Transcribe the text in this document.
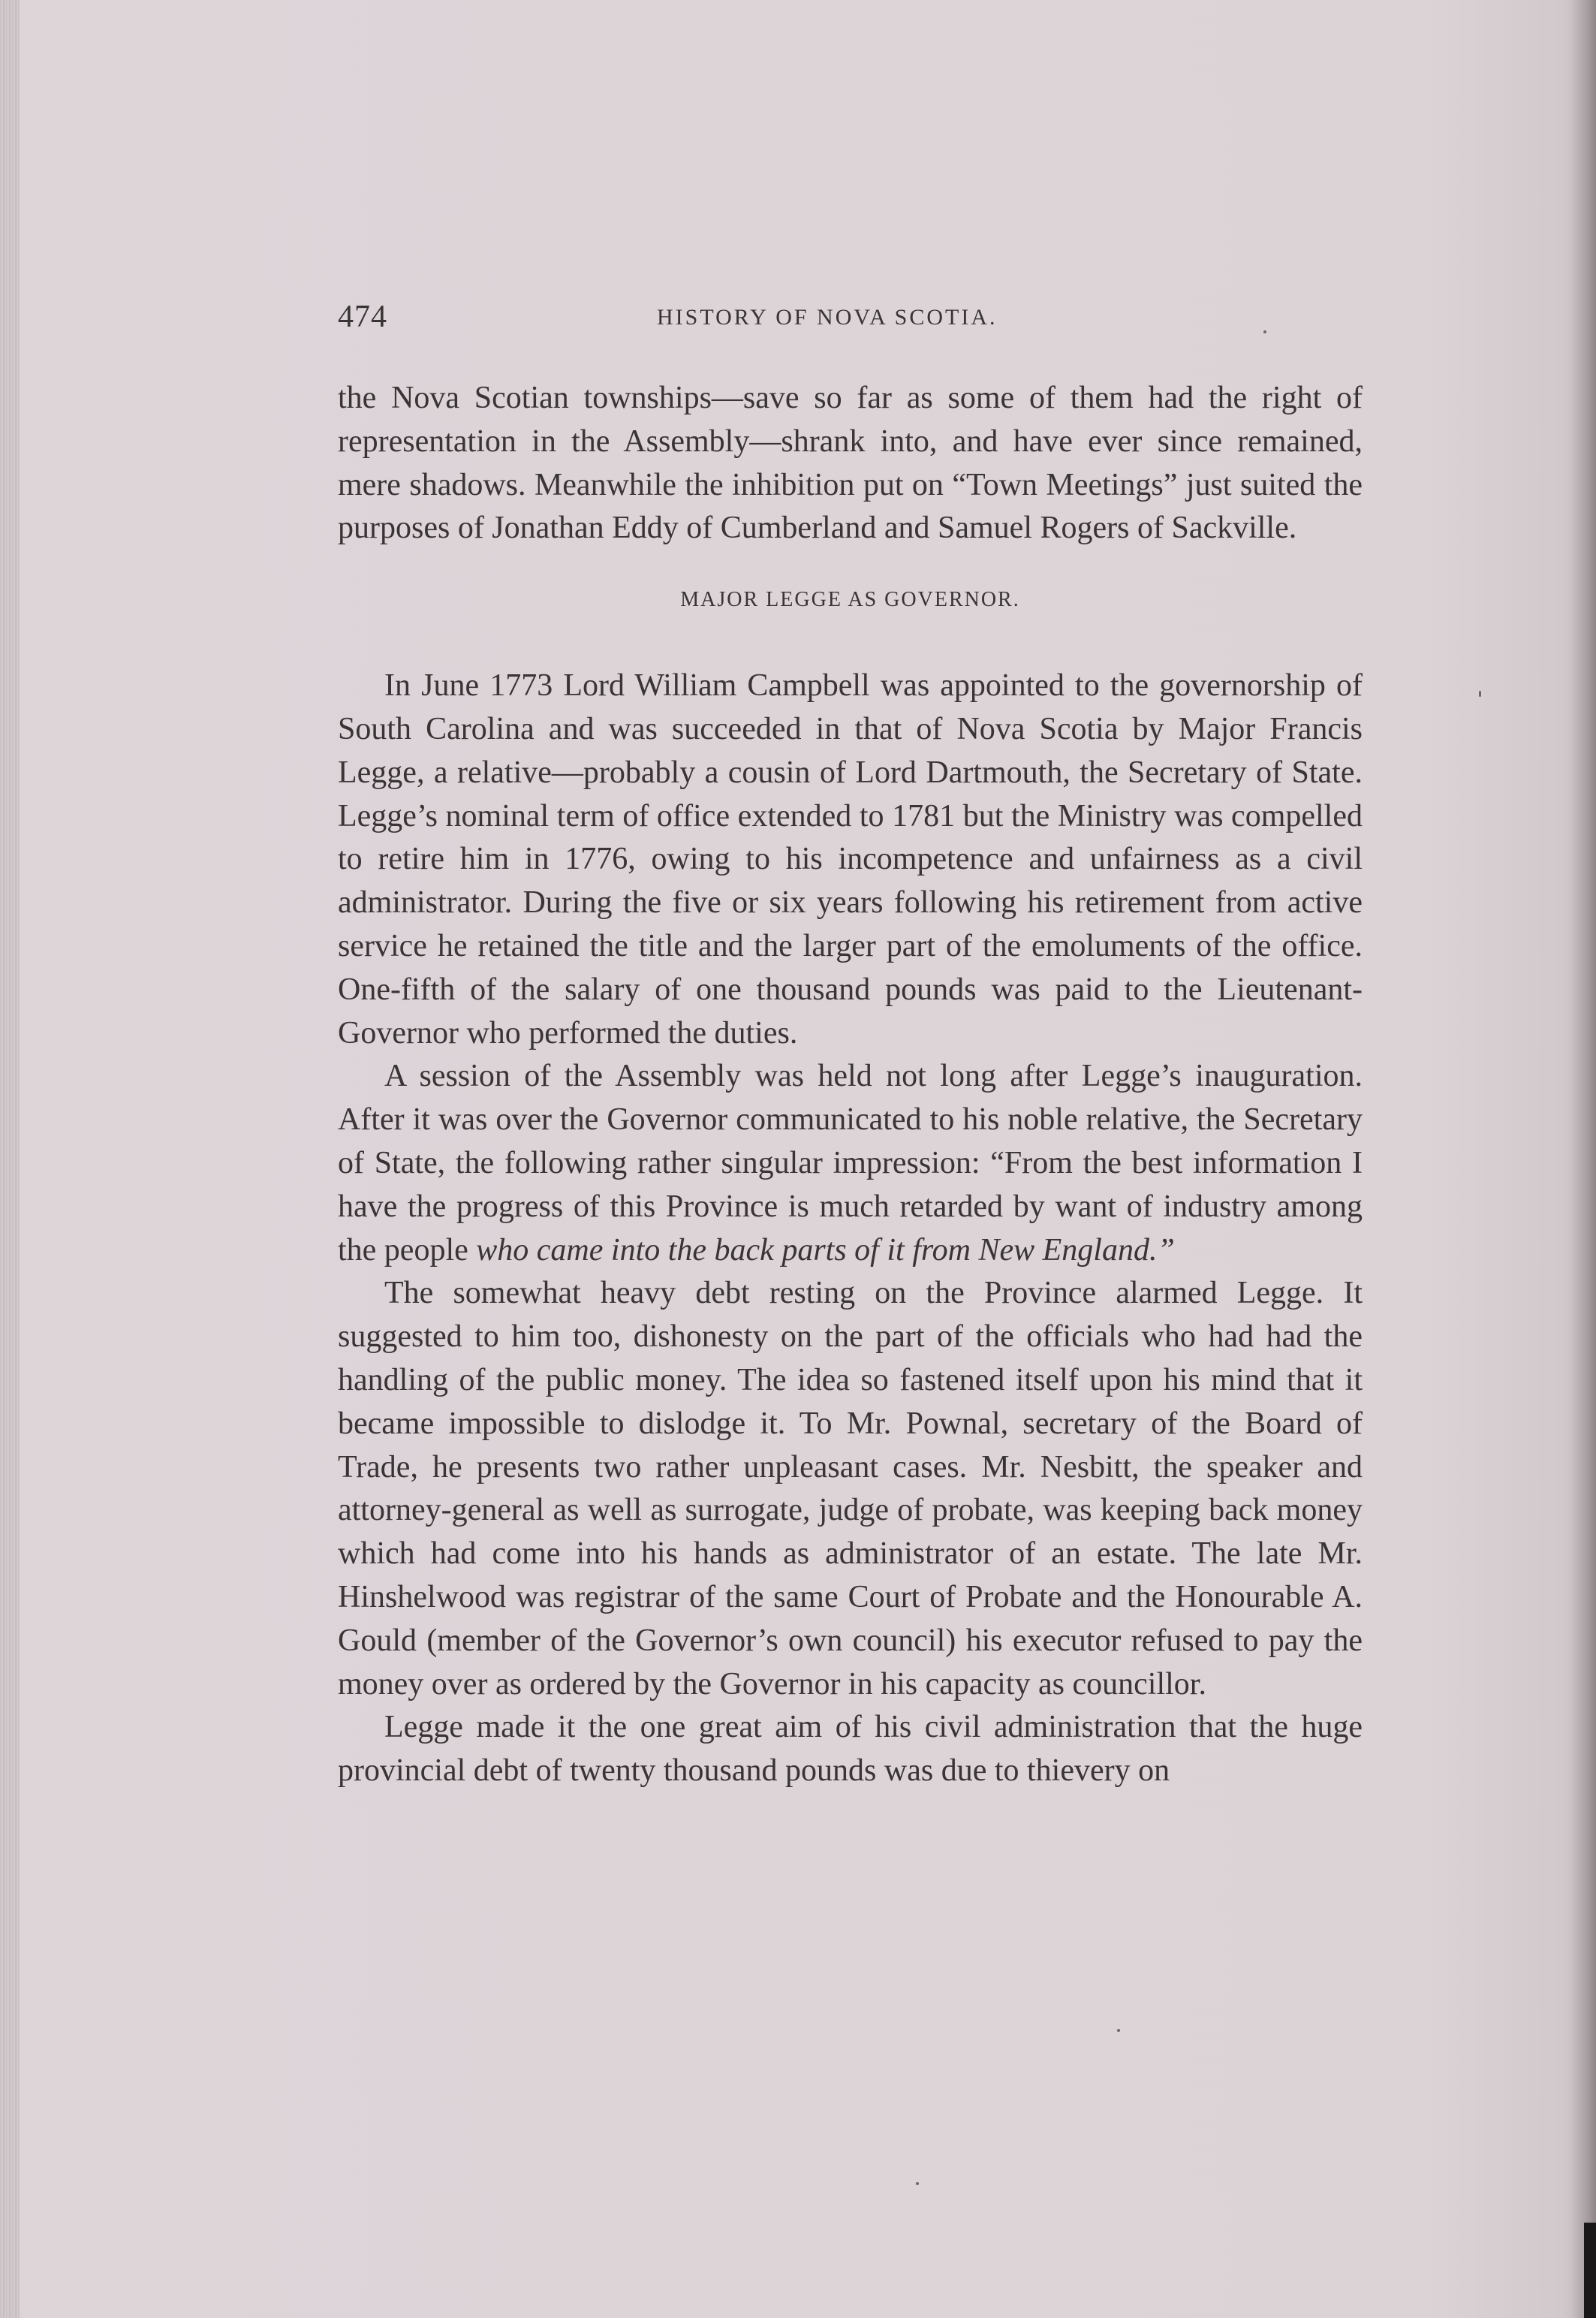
474	HISTORY OF NOVA SCOTIA.

the Nova Scotian townships—save so far as some of them had the right of representation in the Assembly—shrank into, and have ever since remained, mere shadows. Meanwhile the inhibition put on “Town Meetings” just suited the purposes of Jonathan Eddy of Cumberland and Samuel Rogers of Sackville.

MAJOR LEGGE AS GOVERNOR.

In June 1773 Lord William Campbell was appointed to the governorship of South Carolina and was succeeded in that of Nova Scotia by Major Francis Legge, a relative—probably a cousin of Lord Dartmouth, the Secretary of State. Legge’s nominal term of office extended to 1781 but the Ministry was compelled to retire him in 1776, owing to his incompetence and unfairness as a civil administrator. During the five or six years following his retirement from active service he retained the title and the larger part of the emoluments of the office. One-fifth of the salary of one thousand pounds was paid to the Lieutenant-Governor who performed the duties.

A session of the Assembly was held not long after Legge’s inauguration. After it was over the Governor communicated to his noble relative, the Secretary of State, the following rather singular impression: “From the best information I have the progress of this Province is much retarded by want of industry among the people who came into the back parts of it from New England.”

The somewhat heavy debt resting on the Province alarmed Legge. It suggested to him too, dishonesty on the part of the officials who had had the handling of the public money. The idea so fastened itself upon his mind that it became impossible to dislodge it. To Mr. Pownal, secretary of the Board of Trade, he presents two rather unpleasant cases. Mr. Nesbitt, the speaker and attorney-general as well as surrogate, judge of probate, was keeping back money which had come into his hands as administrator of an estate. The late Mr. Hinshelwood was registrar of the same Court of Probate and the Honourable A. Gould (member of the Governor’s own council) his executor refused to pay the money over as ordered by the Governor in his capacity as councillor.

Legge made it the one great aim of his civil administration that the huge provincial debt of twenty thousand pounds was due to thievery on
